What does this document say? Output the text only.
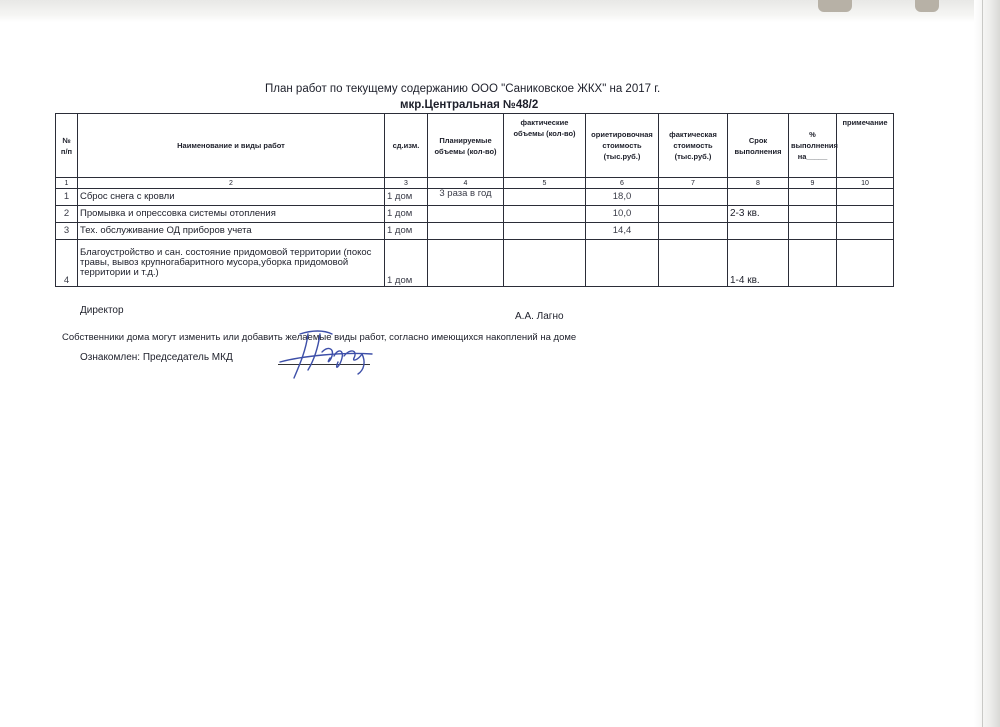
План работ по текущему содержанию ООО "Саниковское ЖКХ" на 2017 г.
мкр.Центральная №48/2
№ п/п	Наименование и виды работ	сд.изм.	Планируемые объемы (кол-во)	фактические объемы (кол-во)	ориетировочная стоимость (тыс.руб.)	фактическая стоимость (тыс.руб.)	Срок выполнения	% выполнения на_____	примечание
1	2	3	4	5	6	7	8	9	10
1	Сброс снега с кровли	1 дом	3 раза в год		18,0				
2	Промывка и опрессовка системы отопления	1 дом			10,0		2-3 кв.		
3	Тех. обслуживание ОД приборов учета	1 дом			14,4				
4	Благоустройство и сан. состояние придомовой территории (покос травы, вывоз крупногабаритного мусора,уборка придомовой территории и т.д.)	1 дом					1-4 кв.		
Директор
А.А. Лагно
Собственники дома могут изменить или добавить желаемые виды работ, согласно имеющихся накоплений на доме
Ознакомлен: Председатель МКД
